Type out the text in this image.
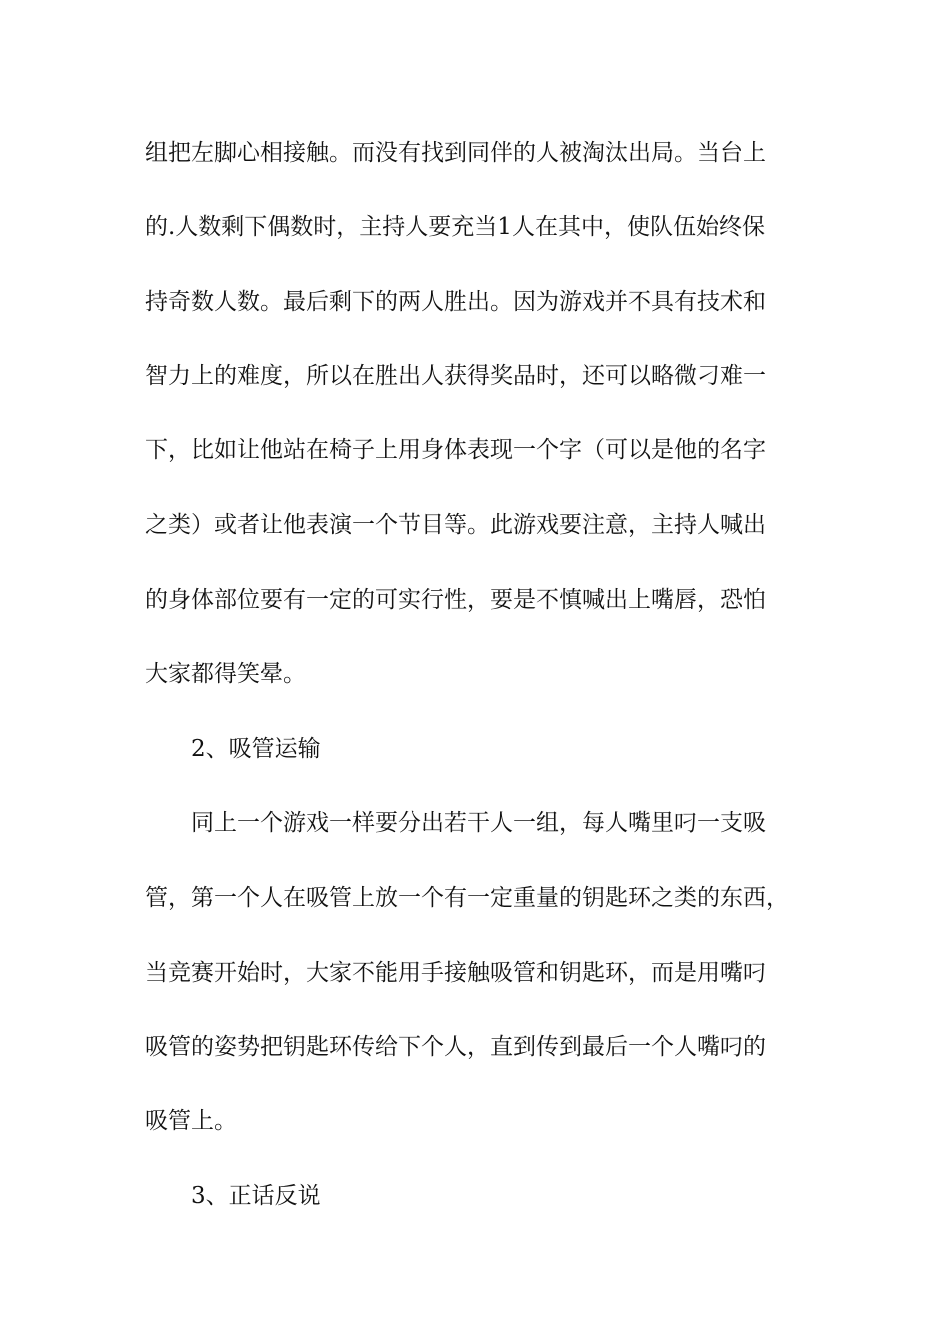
组把左脚心相接触。而没有找到同伴的人被淘汰出局。当台上
的.人数剩下偶数时，主持人要充当1人在其中，使队伍始终保
持奇数人数。最后剩下的两人胜出。因为游戏并不具有技术和
智力上的难度，所以在胜出人获得奖品时，还可以略微刁难一
下，比如让他站在椅子上用身体表现一个字（可以是他的名字
之类）或者让他表演一个节目等。此游戏要注意，主持人喊出
的身体部位要有一定的可实行性，要是不慎喊出上嘴唇，恐怕
大家都得笑晕。
2、吸管运输
同上一个游戏一样要分出若干人一组，每人嘴里叼一支吸
管，第一个人在吸管上放一个有一定重量的钥匙环之类的东西，
当竞赛开始时，大家不能用手接触吸管和钥匙环，而是用嘴叼
吸管的姿势把钥匙环传给下个人，直到传到最后一个人嘴叼的
吸管上。
3、正话反说
